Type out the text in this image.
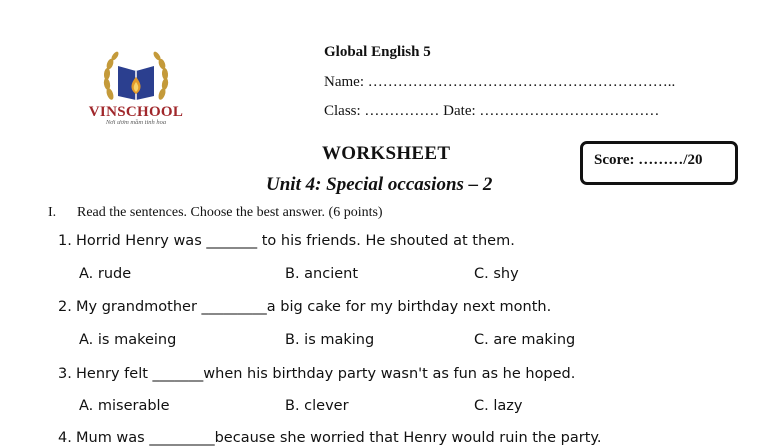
VINSCHOOL
Nơi ươm mầm tinh hoa
Global English 5
Name: ……………………………………………………..
Class: …………… Date: ………………………………
WORKSHEET
Unit 4: Special occasions – 2
Score: ………/20
I. Read the sentences. Choose the best answer. (6 points)
1. Horrid Henry was _______ to his friends. He shouted at them.
A. rude	B. ancient	C. shy
2. My grandmother _________a big cake for my birthday next month.
A. is makeing	B. is making	C. are making
3. Henry felt _______when his birthday party wasn't as fun as he hoped.
A. miserable	B. clever	C. lazy
4. Mum was _________because she worried that Henry would ruin the party.
